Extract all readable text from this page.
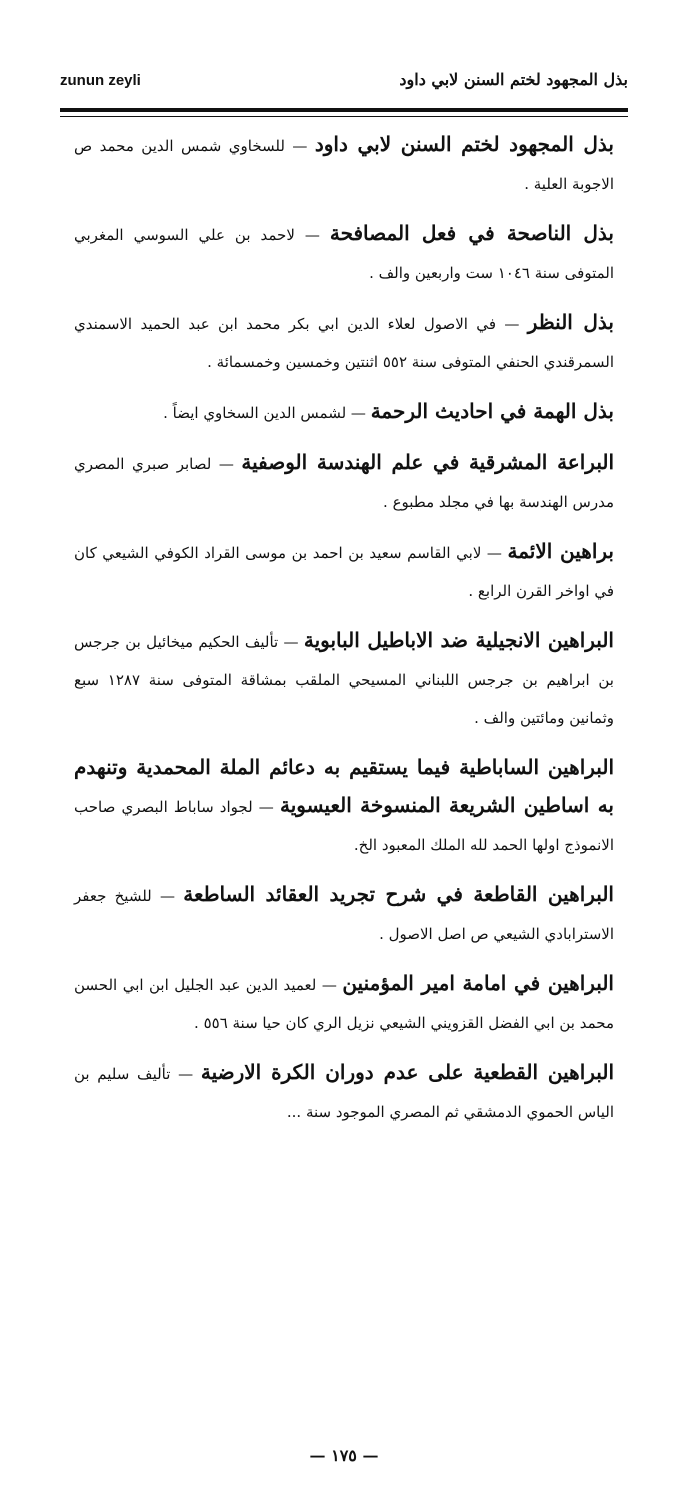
zunun zeyli	بذل المجهود لختم السنن لابي داود

بذل المجهود لختم السنن لابي داود — للسخاوي شمس الدين محمد ص الاجوبة العلية .

بذل الناصحة في فعل المصافحة — لاحمد بن علي السوسي المغربي المتوفى سنة ١٠٤٦ ست واربعين والف .

بذل النظر — في الاصول لعلاء الدين ابي بكر محمد ابن عبد الحميد الاسمندي السمرقندي الحنفي المتوفى سنة ٥٥٢ اثنتين وخمسين وخمسمائة .

بذل الهمة في احاديث الرحمة — لشمس الدين السخاوي ايضاً .

البراعة المشرقية في علم الهندسة الوصفية — لصابر صبري المصري مدرس الهندسة بها في مجلد مطبوع .

براهين الائمة — لابي القاسم سعيد بن احمد بن موسى القراد الكوفي الشيعي كان في اواخر القرن الرابع .

البراهين الانجيلية ضد الاباطيل البابوية — تأليف الحكيم ميخائيل بن جرجس بن ابراهيم بن جرجس اللبناني المسيحي الملقب بمشاقة المتوفى سنة ١٢٨٧ سبع وثمانين ومائتين والف .

البراهين الساباطية فيما يستقيم به دعائم الملة المحمدية وتنهدم به اساطين الشريعة المنسوخة العيسوية — لجواد ساباط البصري صاحب الانموذج اولها الحمد لله الملك المعبود الخ.

البراهين القاطعة في شرح تجريد العقائد الساطعة — للشيخ جعفر الاسترابادي الشيعي ص اصل الاصول .

البراهين في امامة امير المؤمنين — لعميد الدين عبد الجليل ابن ابي الحسن محمد بن ابي الفضل القزويني الشيعي نزيل الري كان حيا سنة ٥٥٦ .

البراهين القطعية على عدم دوران الكرة الارضية — تأليف سليم بن الياس الحموي الدمشقي ثم المصري الموجود سنة ...

— ١٧٥ —
